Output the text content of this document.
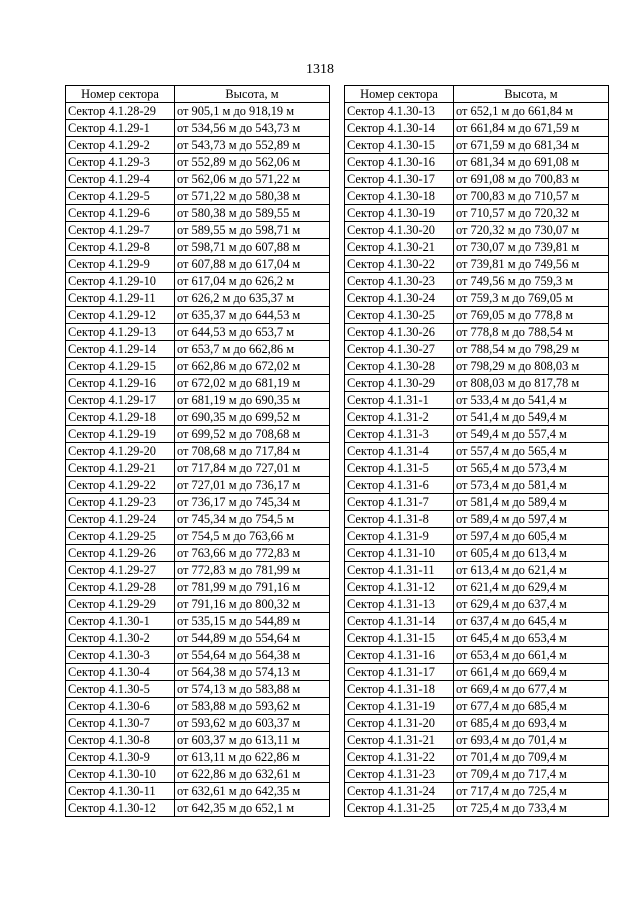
1318
Номер сектора	Высота, м
Сектор 4.1.28-29	от 905,1 м до 918,19 м
Сектор 4.1.29-1	от 534,56 м до 543,73 м
Сектор 4.1.29-2	от 543,73 м до 552,89 м
Сектор 4.1.29-3	от 552,89 м до 562,06 м
Сектор 4.1.29-4	от 562,06 м до 571,22 м
Сектор 4.1.29-5	от 571,22 м до 580,38 м
Сектор 4.1.29-6	от 580,38 м до 589,55 м
Сектор 4.1.29-7	от 589,55 м до 598,71 м
Сектор 4.1.29-8	от 598,71 м до 607,88 м
Сектор 4.1.29-9	от 607,88 м до 617,04 м
Сектор 4.1.29-10	от 617,04 м до 626,2 м
Сектор 4.1.29-11	от 626,2 м до 635,37 м
Сектор 4.1.29-12	от 635,37 м до 644,53 м
Сектор 4.1.29-13	от 644,53 м до 653,7 м
Сектор 4.1.29-14	от 653,7 м до 662,86 м
Сектор 4.1.29-15	от 662,86 м до 672,02 м
Сектор 4.1.29-16	от 672,02 м до 681,19 м
Сектор 4.1.29-17	от 681,19 м до 690,35 м
Сектор 4.1.29-18	от 690,35 м до 699,52 м
Сектор 4.1.29-19	от 699,52 м до 708,68 м
Сектор 4.1.29-20	от 708,68 м до 717,84 м
Сектор 4.1.29-21	от 717,84 м до 727,01 м
Сектор 4.1.29-22	от 727,01 м до 736,17 м
Сектор 4.1.29-23	от 736,17 м до 745,34 м
Сектор 4.1.29-24	от 745,34 м до 754,5 м
Сектор 4.1.29-25	от 754,5 м до 763,66 м
Сектор 4.1.29-26	от 763,66 м до 772,83 м
Сектор 4.1.29-27	от 772,83 м до 781,99 м
Сектор 4.1.29-28	от 781,99 м до 791,16 м
Сектор 4.1.29-29	от 791,16 м до 800,32 м
Сектор 4.1.30-1	от 535,15 м до 544,89 м
Сектор 4.1.30-2	от 544,89 м до 554,64 м
Сектор 4.1.30-3	от 554,64 м до 564,38 м
Сектор 4.1.30-4	от 564,38 м до 574,13 м
Сектор 4.1.30-5	от 574,13 м до 583,88 м
Сектор 4.1.30-6	от 583,88 м до 593,62 м
Сектор 4.1.30-7	от 593,62 м до 603,37 м
Сектор 4.1.30-8	от 603,37 м до 613,11 м
Сектор 4.1.30-9	от 613,11 м до 622,86 м
Сектор 4.1.30-10	от 622,86 м до 632,61 м
Сектор 4.1.30-11	от 632,61 м до 642,35 м
Сектор 4.1.30-12	от 642,35 м до 652,1 м
Номер сектора	Высота, м
Сектор 4.1.30-13	от 652,1 м до 661,84 м
Сектор 4.1.30-14	от 661,84 м до 671,59 м
Сектор 4.1.30-15	от 671,59 м до 681,34 м
Сектор 4.1.30-16	от 681,34 м до 691,08 м
Сектор 4.1.30-17	от 691,08 м до 700,83 м
Сектор 4.1.30-18	от 700,83 м до 710,57 м
Сектор 4.1.30-19	от 710,57 м до 720,32 м
Сектор 4.1.30-20	от 720,32 м до 730,07 м
Сектор 4.1.30-21	от 730,07 м до 739,81 м
Сектор 4.1.30-22	от 739,81 м до 749,56 м
Сектор 4.1.30-23	от 749,56 м до 759,3 м
Сектор 4.1.30-24	от 759,3 м до 769,05 м
Сектор 4.1.30-25	от 769,05 м до 778,8 м
Сектор 4.1.30-26	от 778,8 м до 788,54 м
Сектор 4.1.30-27	от 788,54 м до 798,29 м
Сектор 4.1.30-28	от 798,29 м до 808,03 м
Сектор 4.1.30-29	от 808,03 м до 817,78 м
Сектор 4.1.31-1	от 533,4 м до 541,4 м
Сектор 4.1.31-2	от 541,4 м до 549,4 м
Сектор 4.1.31-3	от 549,4 м до 557,4 м
Сектор 4.1.31-4	от 557,4 м до 565,4 м
Сектор 4.1.31-5	от 565,4 м до 573,4 м
Сектор 4.1.31-6	от 573,4 м до 581,4 м
Сектор 4.1.31-7	от 581,4 м до 589,4 м
Сектор 4.1.31-8	от 589,4 м до 597,4 м
Сектор 4.1.31-9	от 597,4 м до 605,4 м
Сектор 4.1.31-10	от 605,4 м до 613,4 м
Сектор 4.1.31-11	от 613,4 м до 621,4 м
Сектор 4.1.31-12	от 621,4 м до 629,4 м
Сектор 4.1.31-13	от 629,4 м до 637,4 м
Сектор 4.1.31-14	от 637,4 м до 645,4 м
Сектор 4.1.31-15	от 645,4 м до 653,4 м
Сектор 4.1.31-16	от 653,4 м до 661,4 м
Сектор 4.1.31-17	от 661,4 м до 669,4 м
Сектор 4.1.31-18	от 669,4 м до 677,4 м
Сектор 4.1.31-19	от 677,4 м до 685,4 м
Сектор 4.1.31-20	от 685,4 м до 693,4 м
Сектор 4.1.31-21	от 693,4 м до 701,4 м
Сектор 4.1.31-22	от 701,4 м до 709,4 м
Сектор 4.1.31-23	от 709,4 м до 717,4 м
Сектор 4.1.31-24	от 717,4 м до 725,4 м
Сектор 4.1.31-25	от 725,4 м до 733,4 м
